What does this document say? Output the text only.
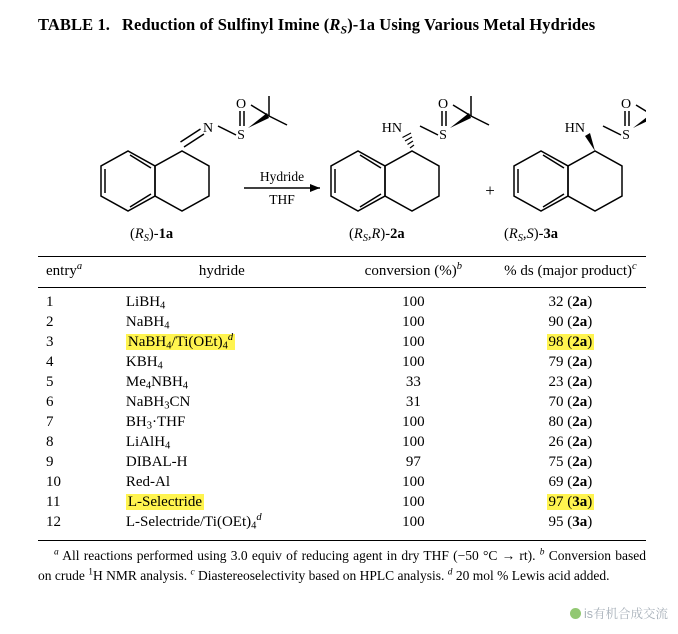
TABLE 1. Reduction of Sulfinyl Imine $(R_S)-1a$ Using Various Metal Hydrides
N
O
S
Hydride
THF
HN
O
S
+
HN
O
S
$(R_S)-1a$	$(R_S,R)-2a$	$(R_S,S)-3a$
entry$^a$	hydride	conversion (%)$^b$	% ds (major product)$^c$
1	LiBH$_4$	100	32 (2a)
2	NaBH$_4$	100	90 (2a)
3	$NaBH_4/Ti(OEt)_4^d$	100	98 (2a)
4	$KBH_4$	100	79 (2a)
5	$Me_4NBH_4$	33	23 (2a)
6	NaBH$_3$CN	31	70 (2a)
7	$BH_3\cdot THF$	100	80 (2a)
8	LiAlH$_4$	100	26 (2a)
9	DIBAL-H	97	75 (2a)
10	Red-Al	100	69 (2a)
11	L-Selectride	100	97 (3a)
12	$L-Selectride/Ti(OEt)_4^d$	100	95 (3a)
$^a$ All reactions performed using 3.0 equiv of reducing agent in dry THF (−50 °C → rt). $^b$ Conversion based on crude $^1$H NMR analysis. $^c$ Diastereoselectivity based on HPLC analysis. $^d$ 20 mol % Lewis acid added.
is有机合成交流
